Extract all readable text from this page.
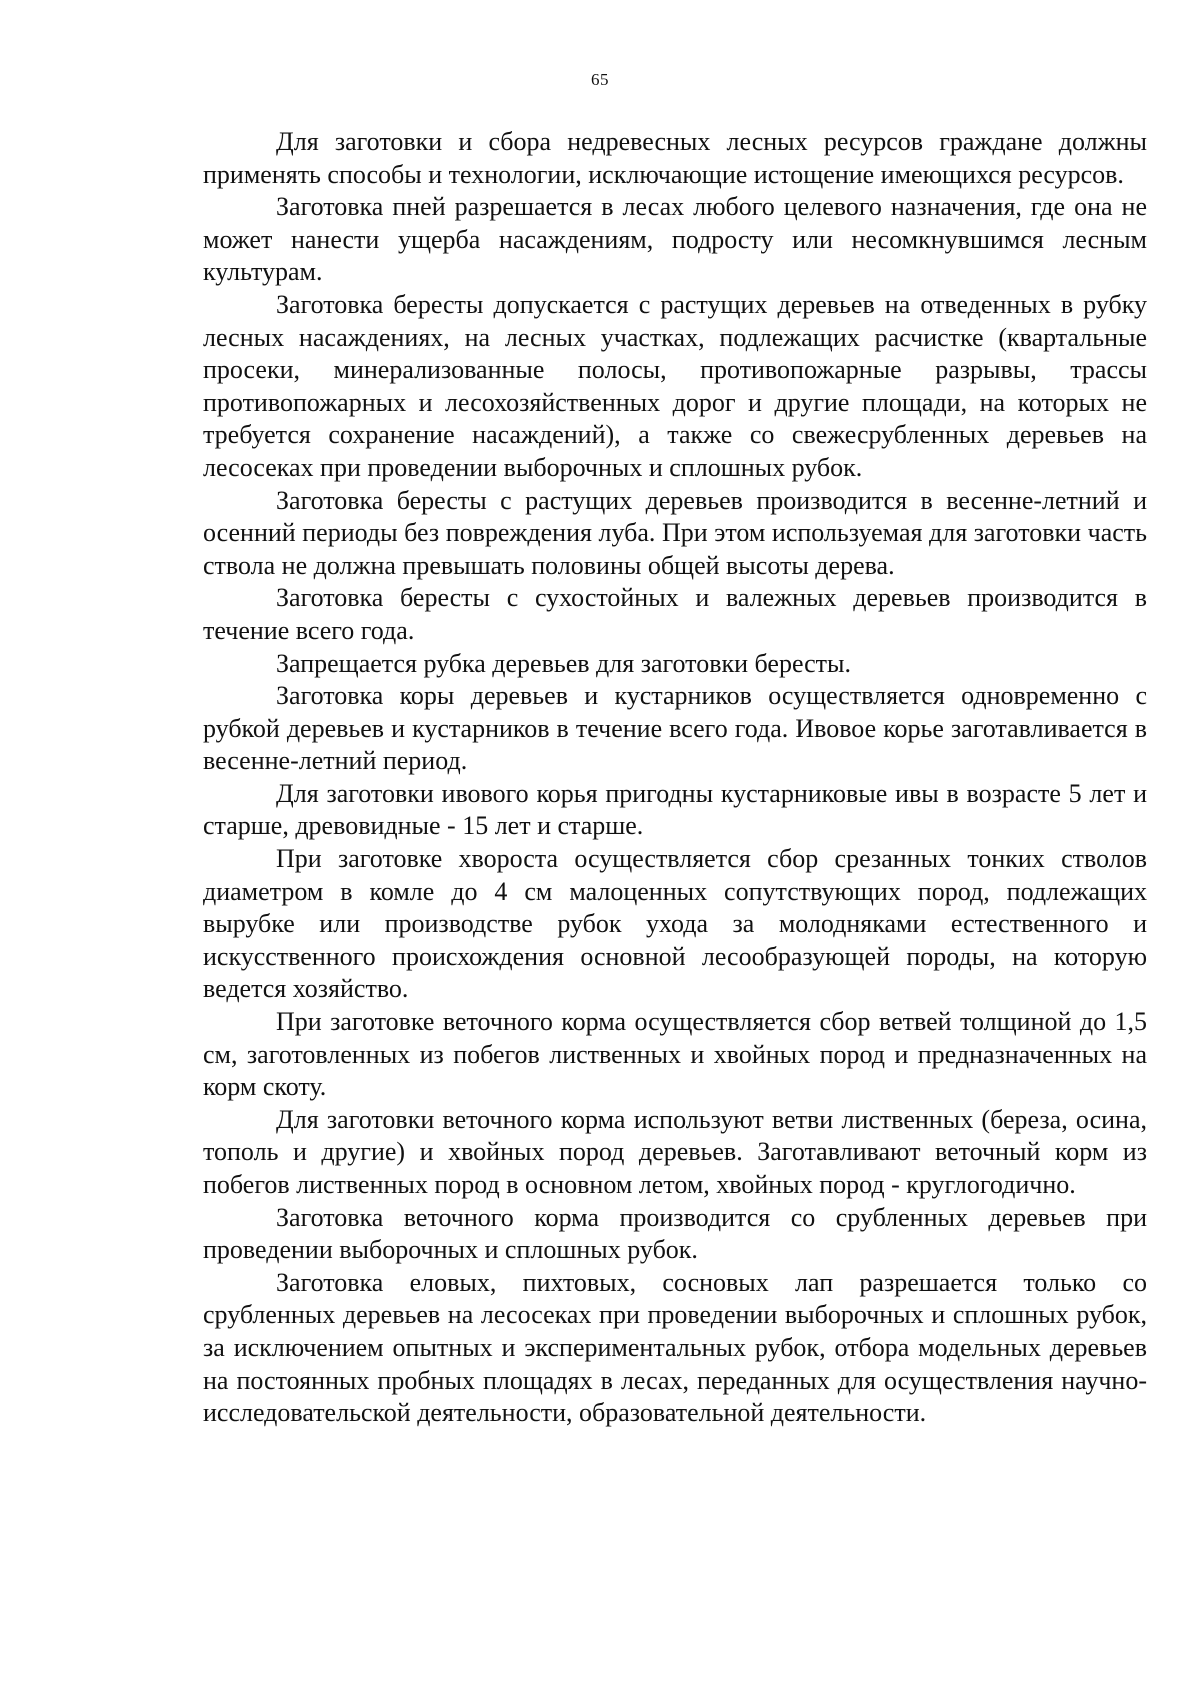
65

Для заготовки и сбора недревесных лесных ресурсов граждане должны применять способы и технологии, исключающие истощение имеющихся ресурсов.

Заготовка пней разрешается в лесах любого целевого назначения, где она не может нанести ущерба насаждениям, подросту или несомкнувшимся лесным культурам.

Заготовка бересты допускается с растущих деревьев на отведенных в рубку лесных насаждениях, на лесных участках, подлежащих расчистке (квартальные просеки, минерализованные полосы, противопожарные разрывы, трассы противопожарных и лесохозяйственных дорог и другие площади, на которых не требуется сохранение насаждений), а также со свежесрубленных деревьев на лесосеках при проведении выборочных и сплошных рубок.

Заготовка бересты с растущих деревьев производится в весенне-летний и осенний периоды без повреждения луба. При этом используемая для заготовки часть ствола не должна превышать половины общей высоты дерева.

Заготовка бересты с сухостойных и валежных деревьев производится в течение всего года.

Запрещается рубка деревьев для заготовки бересты.

Заготовка коры деревьев и кустарников осуществляется одновременно с рубкой деревьев и кустарников в течение всего года. Ивовое корье заготавливается в весенне-летний период.

Для заготовки ивового корья пригодны кустарниковые ивы в возрасте 5 лет и старше, древовидные - 15 лет и старше.

При заготовке хвороста осуществляется сбор срезанных тонких стволов диаметром в комле до 4 см малоценных сопутствующих пород, подлежащих вырубке или производстве рубок ухода за молодняками естественного и искусственного происхождения основной лесообразующей породы, на которую ведется хозяйство.

При заготовке веточного корма осуществляется сбор ветвей толщиной до 1,5 см, заготовленных из побегов лиственных и хвойных пород и предназначенных на корм скоту.

Для заготовки веточного корма используют ветви лиственных (береза, осина, тополь и другие) и хвойных пород деревьев. Заготавливают веточный корм из побегов лиственных пород в основном летом, хвойных пород - круглогодично.

Заготовка веточного корма производится со срубленных деревьев при проведении выборочных и сплошных рубок.

Заготовка еловых, пихтовых, сосновых лап разрешается только со срубленных деревьев на лесосеках при проведении выборочных и сплошных рубок, за исключением опытных и экспериментальных рубок, отбора модельных деревьев на постоянных пробных площадях в лесах, переданных для осуществления научно-исследовательской деятельности, образовательной деятельности.
